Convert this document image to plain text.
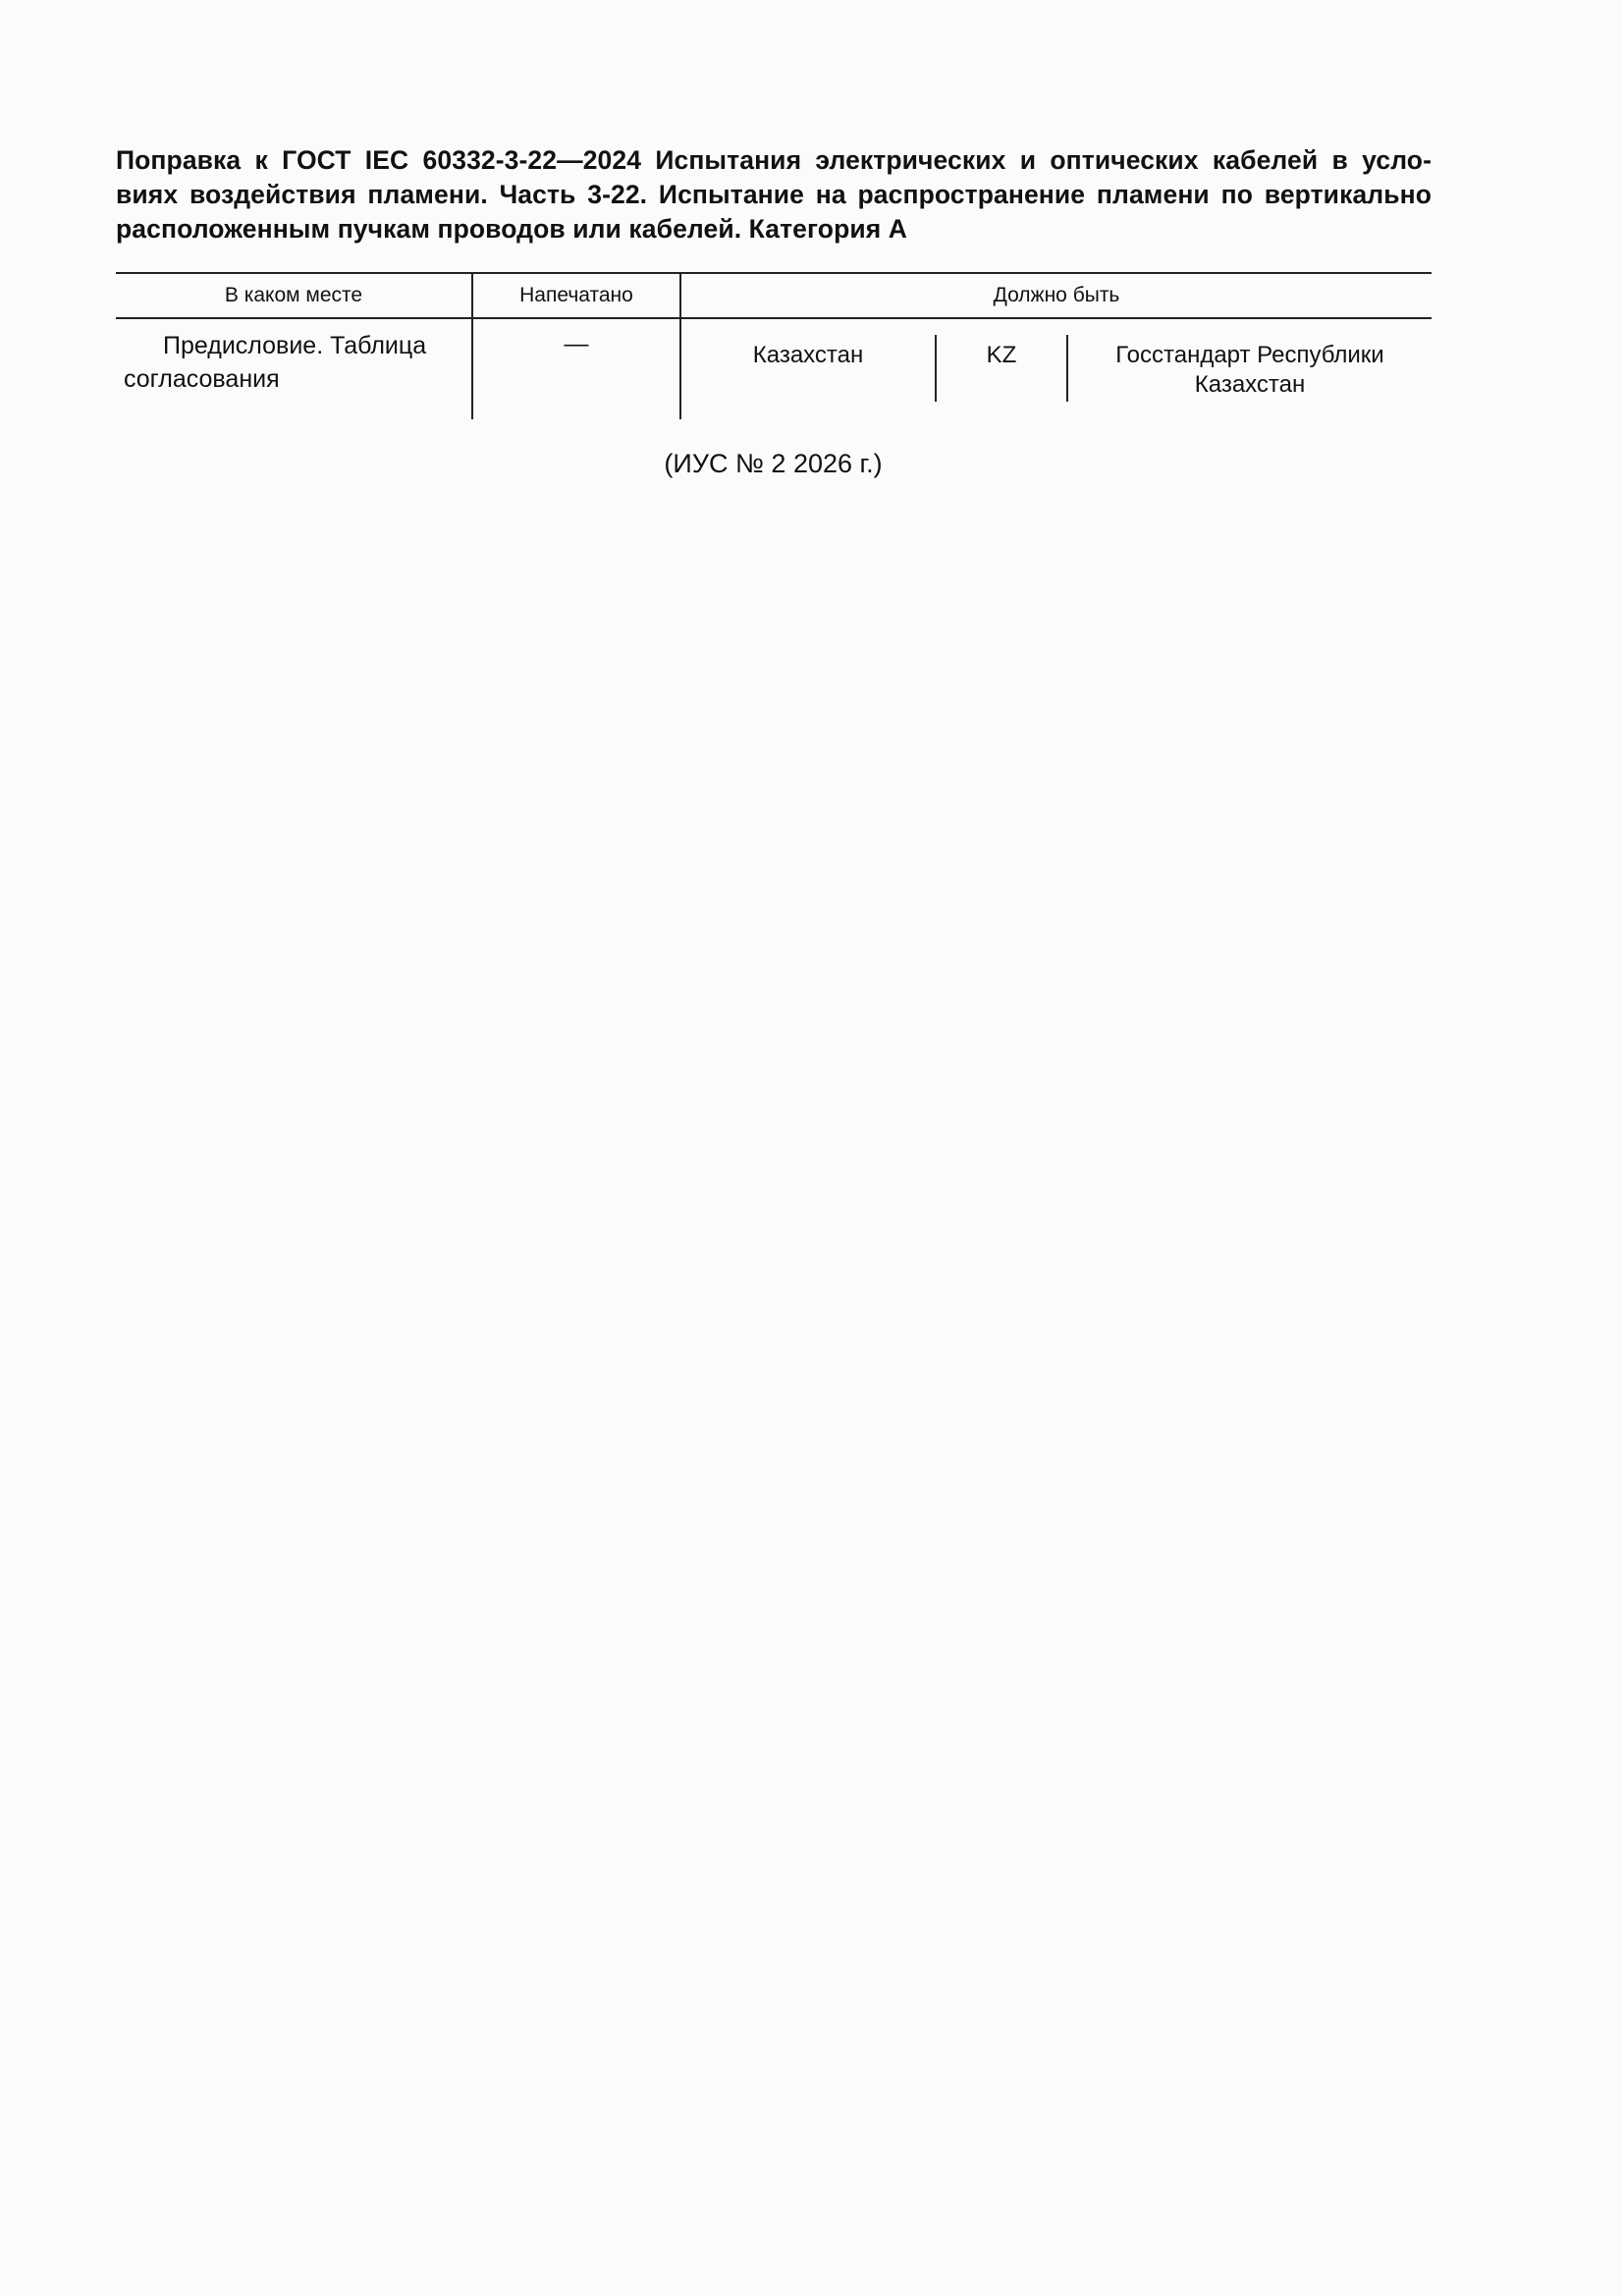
Поправка к ГОСТ IEC 60332-3-22—2024 Испытания электрических и оптических кабелей в усло-
виях воздействия пламени. Часть 3-22. Испытание на распространение пламени по вертикально
расположенным пучкам проводов или кабелей. Категория А
В каком месте	Напечатано	Должно быть
Предисловие. Таблица
согласования
—	Казахстан	KZ	Госстандарт Республики
Казахстан
(ИУС № 2 2026 г.)
